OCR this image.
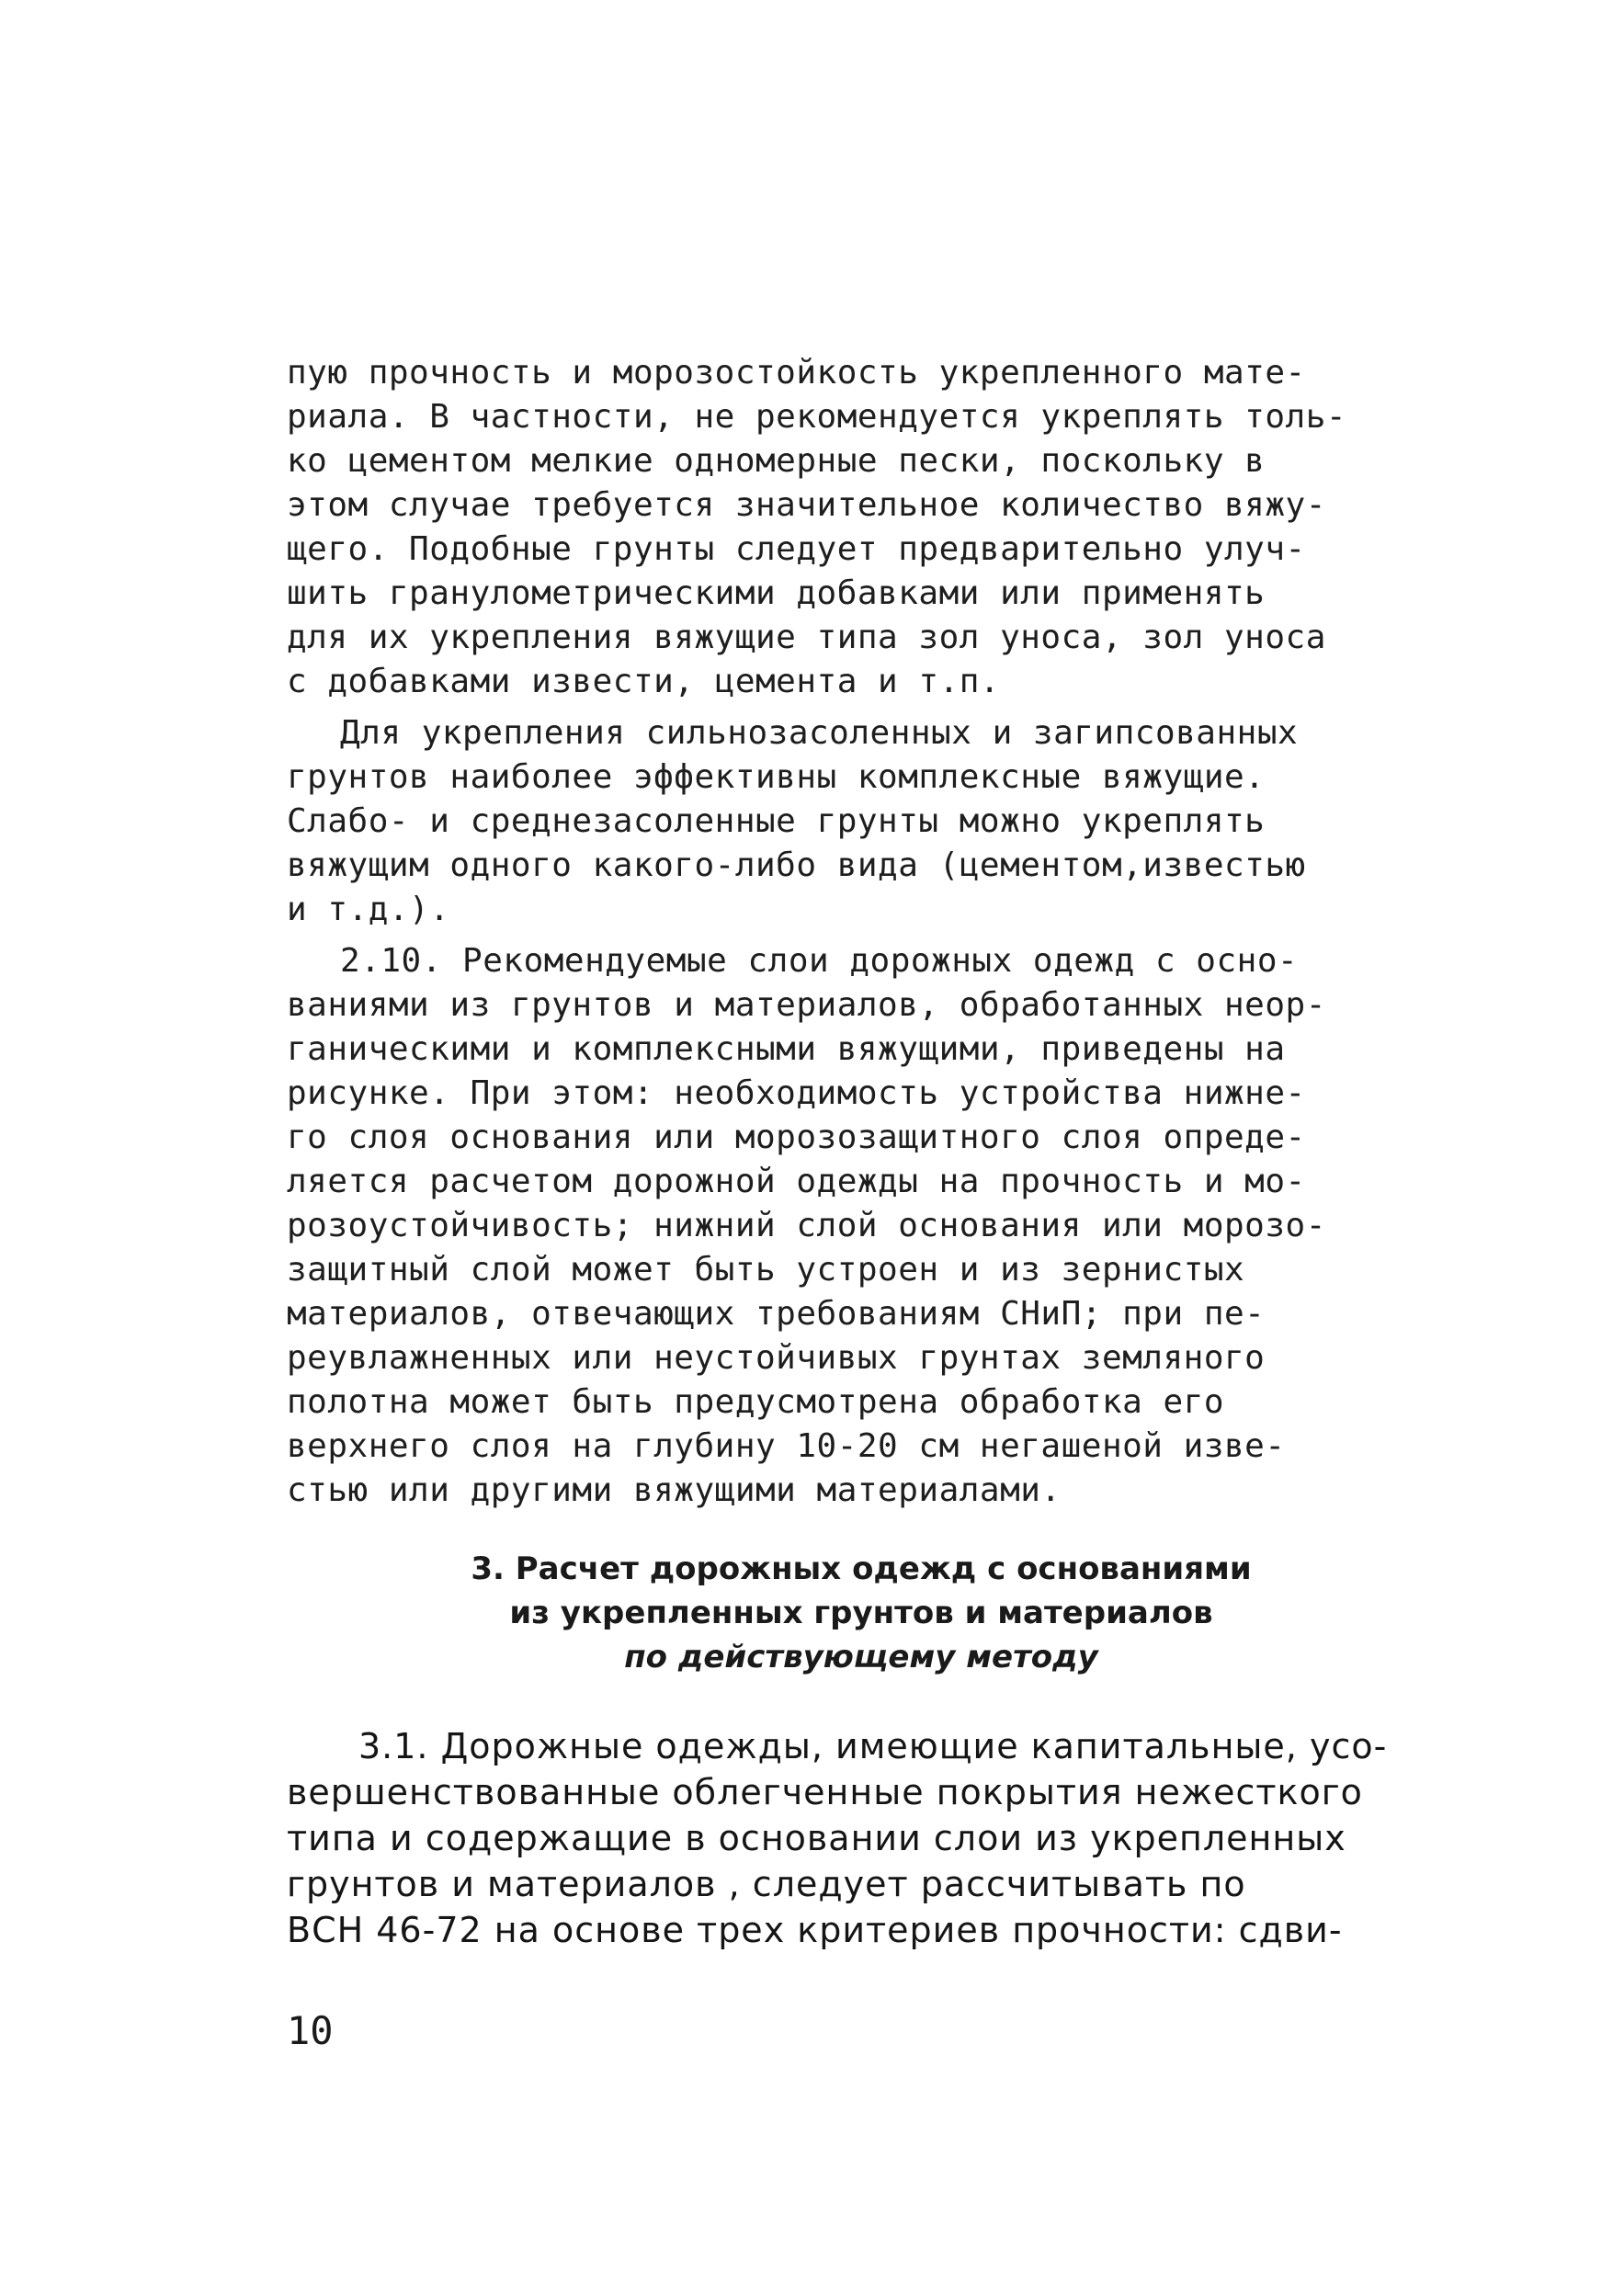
пую прочность и морозостойкость укрепленного мате-
риала. В частности, не рекомендуется укреплять толь-
ко цементом мелкие одномерные пески, поскольку в
этом случае требуется значительное количество вяжу-
щего. Подобные грунты следует предварительно улуч-
шить гранулометрическими добавками или применять
для их укрепления вяжущие типа зол уноса, зол уноса
с добавками извести, цемента и т.п.
Для укрепления сильнозасоленных и загипсованных
грунтов наиболее эффективны комплексные вяжущие.
Слабо- и среднезасоленные грунты можно укреплять
вяжущим одного какого-либо вида (цементом,известью
и т.д.).
2.10. Рекомендуемые слои дорожных одежд с осно-
ваниями из грунтов и материалов, обработанных неор-
ганическими и комплексными вяжущими, приведены на
рисунке. При этом: необходимость устройства нижне-
го слоя основания или морозозащитного слоя опреде-
ляется расчетом дорожной одежды на прочность и мо-
розоустойчивость; нижний слой основания или морозо-
защитный слой может быть устроен и из зернистых
материалов, отвечающих требованиям СНиП; при пе-
реувлажненных или неустойчивых грунтах земляного
полотна может быть предусмотрена обработка его
верхнего слоя на глубину 10-20 см негашеной изве-
стью или другими вяжущими материалами.
3. Расчет дорожных одежд с основаниями
из укрепленных грунтов и материалов
по действующему методу
3.1. Дорожные одежды, имеющие капитальные, усо-
вершенствованные облегченные покрытия нежесткого
типа и содержащие в основании слои из укрепленных
грунтов и материалов , следует рассчитывать по
ВСН 46-72 на основе трех критериев прочности: сдви-
10
